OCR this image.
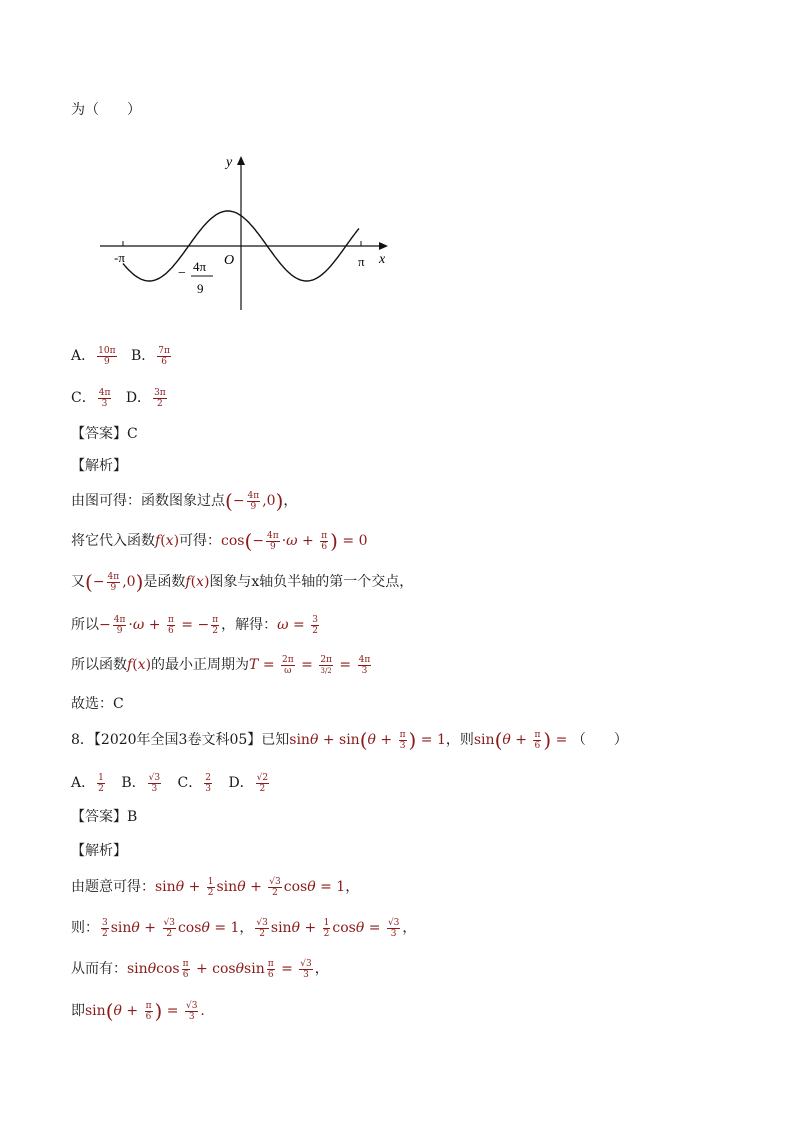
为（　　）
y
x
O
-π	π
− 4π
9
A． $\frac{10\pi}{9}$ B． $\frac{7\pi}{6}$
C． $\frac{4\pi}{3}$ D． $\frac{3\pi}{2}$
【答案】C
【解析】
由图可得：函数图象过点(− $\frac{4\pi}{9} ,0$)，
将它代入函数f(x)可得：$\cos(- \frac{4\pi}{9} \cdot\omega + \frac{\pi}{6}$ ) = 0
又(− $\frac{4\pi}{9} ,0$)是函数f(x)图象与x轴负半轴的第一个交点，
所以− $\frac{4\pi}{9} \cdot\omega + \frac{\pi}{6}$ = − $\frac{\pi}{2}$ ，解得：$\omega = \frac{3}{2}$
所以函数f(x)的最小正周期为$T = \frac{2\pi}{\omega} = \frac{2\pi}{3/2} = \frac{4\pi}{3}$
故选：C
8．【2020年全国3卷文科05】已知$\sin\theta + \sin(\theta + \frac{\pi}{3}$ ) = 1，则$\sin(\theta + \frac{\pi}{6}$ ) = （　　）
A． $\frac{1}{2}$ B． $\frac{√3}{3}$ C． $\frac{2}{3}$ D． $\frac{√2}{2}$
【答案】B
【解析】
由题意可得：$\sin\theta + \frac{1}{2}$ $\sin\theta + \frac{√3}{2}$ cosθ = 1，
则： $\frac{3}{2}$ $\sin\theta + \frac{√3}{2}$ cosθ = 1， $\frac{√3}{2}$ $\sin\theta + \frac{1}{2}$ $\cos\theta = \frac{√3}{3}$ ，
从而有：sinθcos $\frac{\pi}{6} + \cos\theta\sin \frac{\pi}{6} = \frac{√3}{3}$ ，
即$\sin(\theta + \frac{\pi}{6}$ ) = $\frac{√3}{3}$ .
